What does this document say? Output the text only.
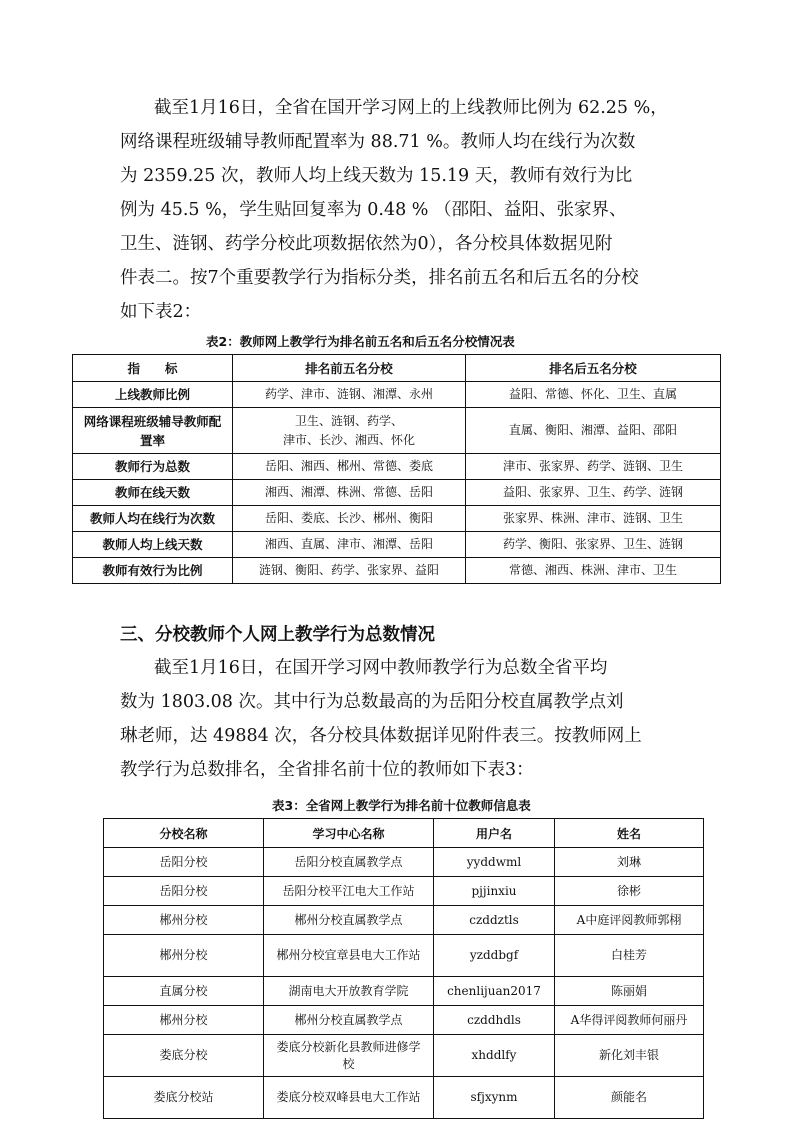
截至1月16日，全省在国开学习网上的上线教师比例为 62.25 %，
网络课程班级辅导教师配置率为 88.71 %。教师人均在线行为次数
为 2359.25 次，教师人均上线天数为 15.19 天，教师有效行为比
例为 45.5 %，学生贴回复率为 0.48 % （邵阳、益阳、张家界、
卫生、涟钢、药学分校此项数据依然为0），各分校具体数据见附
件表二。按7个重要教学行为指标分类，排名前五名和后五名的分校
如下表2：
表2：教师网上教学行为排名前五名和后五名分校情况表
指　　标	排名前五名分校	排名后五名分校
上线教师比例	药学、津市、涟钢、湘潭、永州	益阳、常德、怀化、卫生、直属
网络课程班级辅导教师配置率	卫生、涟钢、药学、
津市、长沙、湘西、怀化	直属、衡阳、湘潭、益阳、邵阳
教师行为总数	岳阳、湘西、郴州、常德、娄底	津市、张家界、药学、涟钢、卫生
教师在线天数	湘西、湘潭、株洲、常德、岳阳	益阳、张家界、卫生、药学、涟钢
教师人均在线行为次数	岳阳、娄底、长沙、郴州、衡阳	张家界、株洲、津市、涟钢、卫生
教师人均上线天数	湘西、直属、津市、湘潭、岳阳	药学、衡阳、张家界、卫生、涟钢
教师有效行为比例	涟钢、衡阳、药学、张家界、益阳	常德、湘西、株洲、津市、卫生
三、分校教师个人网上教学行为总数情况
截至1月16日，在国开学习网中教师教学行为总数全省平均
数为 1803.08 次。其中行为总数最高的为岳阳分校直属教学点刘
琳老师，达 49884 次，各分校具体数据详见附件表三。按教师网上
教学行为总数排名，全省排名前十位的教师如下表3：
表3：全省网上教学行为排名前十位教师信息表
分校名称	学习中心名称	用户名	姓名
岳阳分校	岳阳分校直属教学点	yyddwml	刘琳
岳阳分校	岳阳分校平江电大工作站	pjjinxiu	徐彬
郴州分校	郴州分校直属教学点	czddztls	A中庭评阅教师郭栩
郴州分校	郴州分校宜章县电大工作站	yzddbgf	白桂芳
直属分校	湖南电大开放教育学院	chenlijuan2017	陈丽娟
郴州分校	郴州分校直属教学点	czddhdls	A华得评阅教师何丽丹
娄底分校	娄底分校新化县教师进修学校	xhddlfy	新化刘丰银
娄底分校站	娄底分校双峰县电大工作站	sfjxynm	颜能名
